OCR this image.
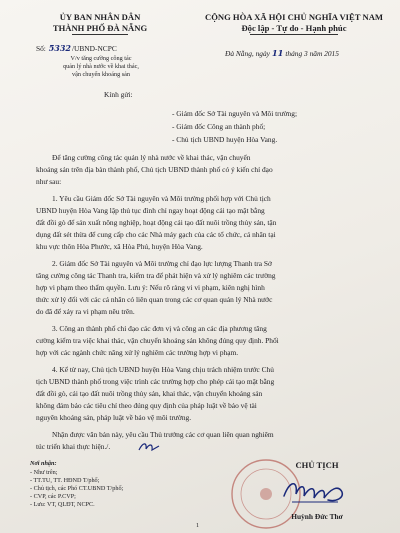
ỦY BAN NHÂN DÂN
THÀNH PHỐ ĐÀ NẴNG
CỘNG HÒA XÃ HỘI CHỦ NGHĨA VIỆT NAM
Độc lập - Tự do - Hạnh phúc
Số: 5332/UBND-NCPC
V/v tăng cường công tác
quản lý nhà nước về khai thác,
vận chuyển khoáng sản
Đà Nẵng, ngày 11 tháng 3 năm 2015
Kính gửi:
- Giám đốc Sở Tài nguyên và Môi trường;
- Giám đốc Công an thành phố;
- Chủ tịch UBND huyện Hòa Vang.
Để tăng cường công tác quản lý nhà nước về khai thác, vận chuyển
khoáng sản trên địa bàn thành phố, Chủ tịch UBND thành phố có ý kiến chỉ đạo
như sau:
1. Yêu cầu Giám đốc Sở Tài nguyên và Môi trường phối hợp với Chủ tịch
UBND huyện Hòa Vang lập thủ tục đình chỉ ngay hoạt động cải tạo mặt bằng
đất đồi gò để sản xuất nông nghiệp, hoạt động cải tạo đất nuôi trồng thủy sản, tận
dụng đất sét thừa để cung cấp cho các Nhà máy gạch của các tổ chức, cá nhân tại
khu vực thôn Hòa Phước, xã Hòa Phú, huyện Hòa Vang.
2. Giám đốc Sở Tài nguyên và Môi trường chỉ đạo lực lượng Thanh tra Sở
tăng cường công tác Thanh tra, kiểm tra để phát hiện và xử lý nghiêm các trường
hợp vi phạm theo thẩm quyền. Lưu ý: Nếu rõ ràng vi vi phạm, kiên nghị hình
thức xử lý đối với các cá nhân có liên quan trong các cơ quan quản lý Nhà nước
do đã để xảy ra vi phạm nêu trên.
3. Công an thành phố chỉ đạo các đơn vị và công an các địa phương tăng
cường kiểm tra việc khai thác, vận chuyển khoáng sản không đúng quy định. Phối
hợp với các ngành chức năng xử lý nghiêm các trường hợp vi phạm.
4. Kể từ nay, Chủ tịch UBND huyện Hòa Vang chịu trách nhiệm trước Chủ
tịch UBND thành phố trong việc trình các trường hợp cho phép cải tạo mặt bằng
đất đồi gò, cải tạo đất nuôi trồng thủy sản, khai thác, vận chuyển khoáng sản
không đảm bảo các tiêu chí theo đúng quy định của pháp luật về bảo vệ tài
nguyên khoáng sản, pháp luật về bảo vệ môi trường.
Nhận được văn bản này, yêu cầu Thủ trưởng các cơ quan liên quan nghiêm
túc triển khai thực hiện./.
Nơi nhận:
- Như trên;
- TT.TU, TT. HĐND T/phố;
- Chủ tịch, các Phó CT.UBND T/phố;
- CVP, các P.CVP;
- Lưu: VT, QLĐT, NCPC.
CHỦ TỊCH
Huỳnh Đức Thơ
1
